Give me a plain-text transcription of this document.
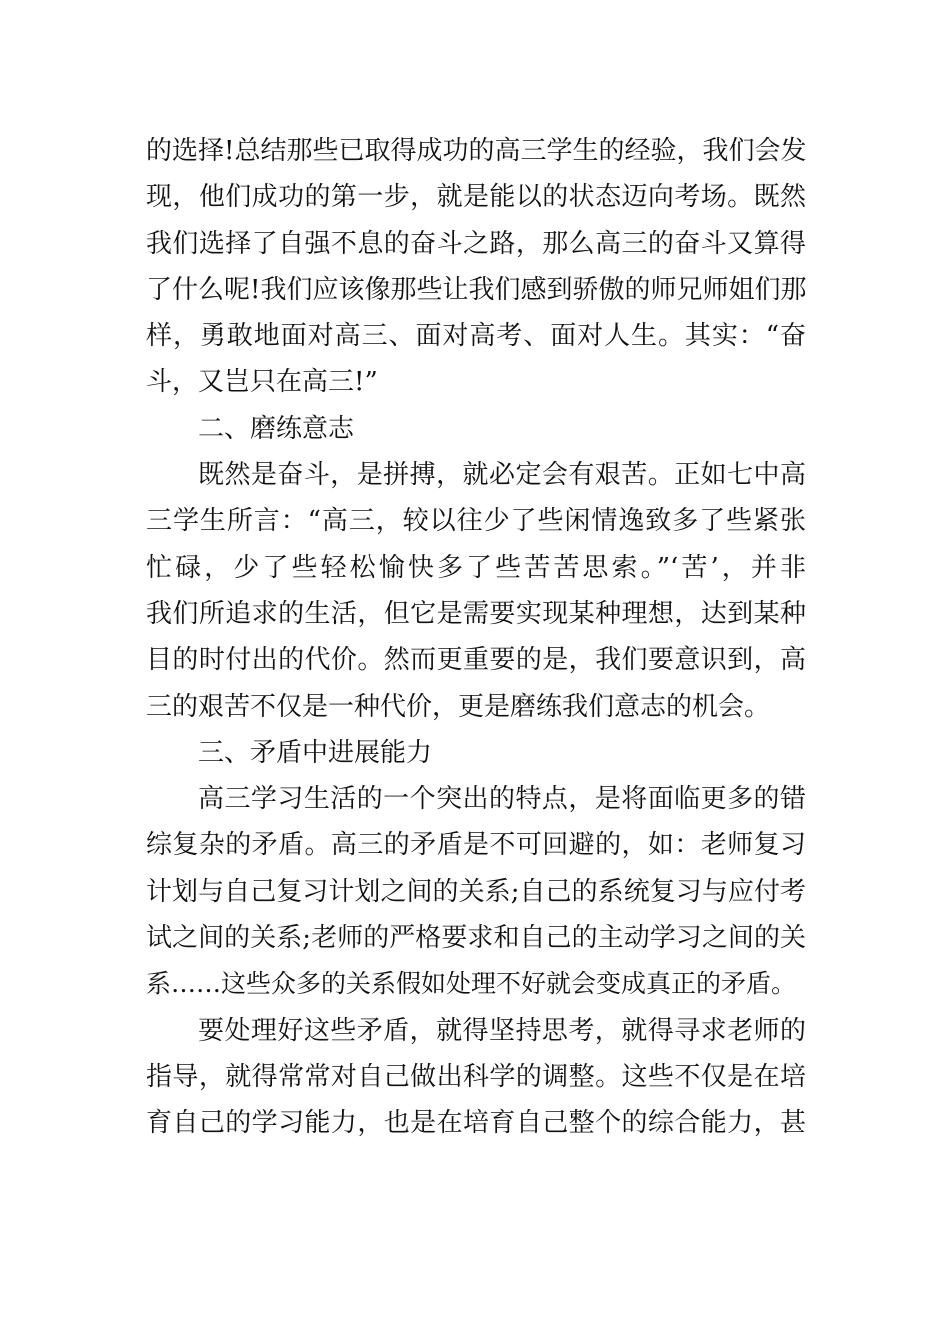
的选择!总结那些已取得成功的高三学生的经验，我们会发
现，他们成功的第一步，就是能以的状态迈向考场。既然
我们选择了自强不息的奋斗之路，那么高三的奋斗又算得
了什么呢!我们应该像那些让我们感到骄傲的师兄师姐们那
样，勇敢地面对高三、面对高考、面对人生。其实：“奋
斗，又岂只在高三!”
二、磨练意志
既然是奋斗，是拼搏，就必定会有艰苦。正如七中高
三学生所言：“高三，较以往少了些闲情逸致多了些紧张
忙碌，少了些轻松愉快多了些苦苦思索。”‘苦’，并非
我们所追求的生活，但它是需要实现某种理想，达到某种
目的时付出的代价。然而更重要的是，我们要意识到，高
三的艰苦不仅是一种代价，更是磨练我们意志的机会。
三、矛盾中进展能力
高三学习生活的一个突出的特点，是将面临更多的错
综复杂的矛盾。高三的矛盾是不可回避的，如：老师复习
计划与自己复习计划之间的关系;自己的系统复习与应付考
试之间的关系;老师的严格要求和自己的主动学习之间的关
系……这些众多的关系假如处理不好就会变成真正的矛盾。
要处理好这些矛盾，就得坚持思考，就得寻求老师的
指导，就得常常对自己做出科学的调整。这些不仅是在培
育自己的学习能力，也是在培育自己整个的综合能力，甚
